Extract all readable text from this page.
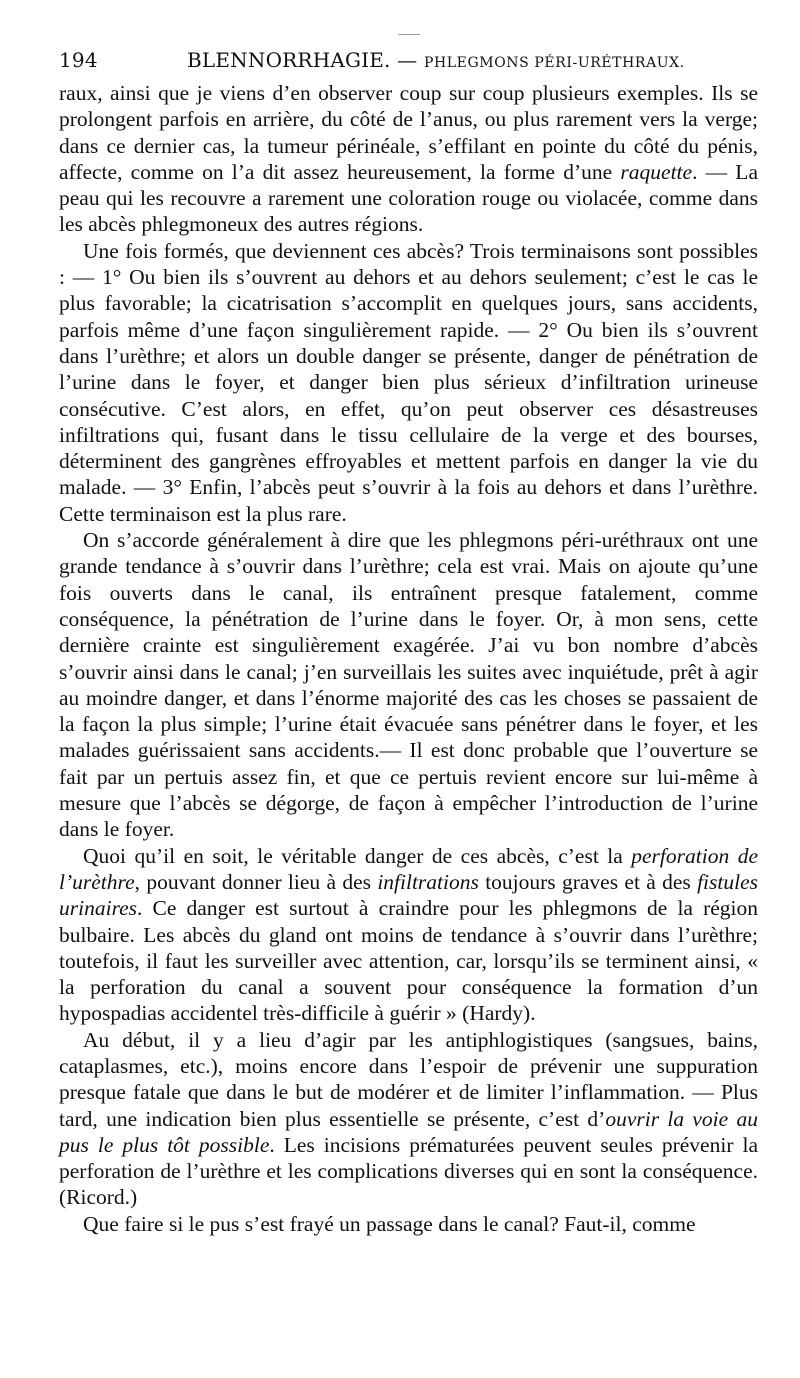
194	BLENNORRHAGIE. — PHLEGMONS PÉRI-URÉTHRAUX.

raux, ainsi que je viens d’en observer coup sur coup plusieurs exemples. Ils se prolongent parfois en arrière, du côté de l’anus, ou plus rarement vers la verge; dans ce dernier cas, la tumeur périnéale, s’effilant en pointe du côté du pénis, affecte, comme on l’a dit assez heureusement, la forme d’une raquette. — La peau qui les recouvre a rarement une coloration rouge ou violacée, comme dans les abcès phlegmoneux des autres régions.

Une fois formés, que deviennent ces abcès? Trois terminaisons sont possibles : — 1° Ou bien ils s’ouvrent au dehors et au dehors seulement; c’est le cas le plus favorable; la cicatrisation s’accomplit en quelques jours, sans accidents, parfois même d’une façon singulièrement rapide. — 2° Ou bien ils s’ouvrent dans l’urèthre; et alors un double danger se présente, danger de pénétration de l’urine dans le foyer, et danger bien plus sérieux d’infiltration urineuse consécutive. C’est alors, en effet, qu’on peut observer ces désastreuses infiltrations qui, fusant dans le tissu cellulaire de la verge et des bourses, déterminent des gangrènes effroyables et mettent parfois en danger la vie du malade. — 3° Enfin, l’abcès peut s’ouvrir à la fois au dehors et dans l’urèthre. Cette terminaison est la plus rare.

On s’accorde généralement à dire que les phlegmons péri-uréthraux ont une grande tendance à s’ouvrir dans l’urèthre; cela est vrai. Mais on ajoute qu’une fois ouverts dans le canal, ils entraînent presque fatalement, comme conséquence, la pénétration de l’urine dans le foyer. Or, à mon sens, cette dernière crainte est singulièrement exagérée. J’ai vu bon nombre d’abcès s’ouvrir ainsi dans le canal; j’en surveillais les suites avec inquiétude, prêt à agir au moindre danger, et dans l’énorme majorité des cas les choses se passaient de la façon la plus simple; l’urine était évacuée sans pénétrer dans le foyer, et les malades guérissaient sans accidents.— Il est donc probable que l’ouverture se fait par un pertuis assez fin, et que ce pertuis revient encore sur lui-même à mesure que l’abcès se dégorge, de façon à empêcher l’introduction de l’urine dans le foyer.

Quoi qu’il en soit, le véritable danger de ces abcès, c’est la perforation de l’urèthre, pouvant donner lieu à des infiltrations toujours graves et à des fistules urinaires. Ce danger est surtout à craindre pour les phlegmons de la région bulbaire. Les abcès du gland ont moins de tendance à s’ouvrir dans l’urèthre; toutefois, il faut les surveiller avec attention, car, lorsqu’ils se terminent ainsi, « la perforation du canal a souvent pour conséquence la formation d’un hypospadias accidentel très-difficile à guérir » (Hardy).

Au début, il y a lieu d’agir par les antiphlogistiques (sangsues, bains, cataplasmes, etc.), moins encore dans l’espoir de prévenir une suppuration presque fatale que dans le but de modérer et de limiter l’inflammation. — Plus tard, une indication bien plus essentielle se présente, c’est d’ouvrir la voie au pus le plus tôt possible. Les incisions prématurées peuvent seules prévenir la perforation de l’urèthre et les complications diverses qui en sont la conséquence. (Ricord.)

Que faire si le pus s’est frayé un passage dans le canal? Faut-il, comme
